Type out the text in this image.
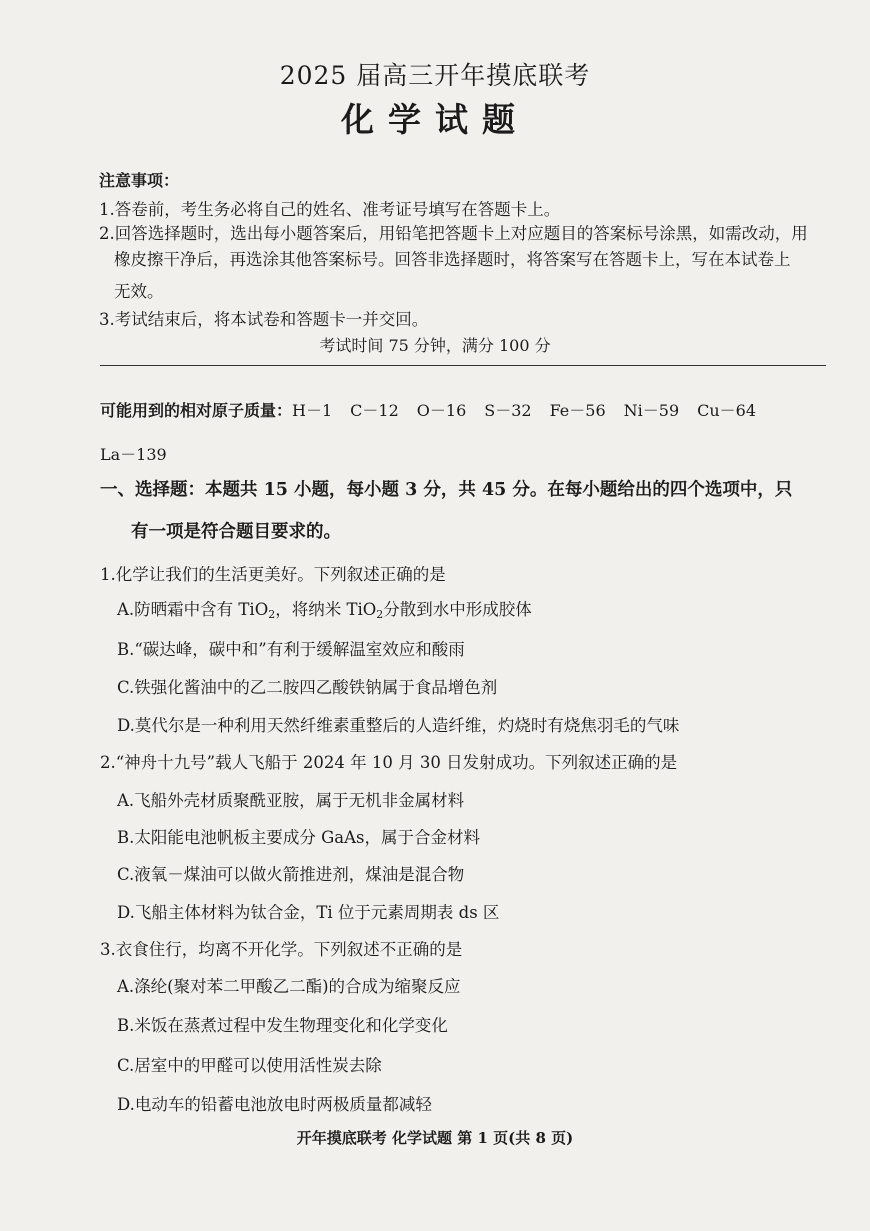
2025 届高三开年摸底联考
化学试题
注意事项：
1.答卷前，考生务必将自己的姓名、准考证号填写在答题卡上。
2.回答选择题时，选出每小题答案后，用铅笔把答题卡上对应题目的答案标号涂黑，如需改动，用
橡皮擦干净后，再选涂其他答案标号。回答非选择题时，将答案写在答题卡上，写在本试卷上
无效。
3.考试结束后，将本试卷和答题卡一并交回。
考试时间 75 分钟，满分 100 分
可能用到的相对原子质量：H－1 C－12 O－16 S－32 Fe－56 Ni－59 Cu－64
La－139
一、选择题：本题共 15 小题，每小题 3 分，共 45 分。在每小题给出的四个选项中，只
有一项是符合题目要求的。
1.化学让我们的生活更美好。下列叙述正确的是
A.防晒霜中含有 TiO$_2$，将纳米 TiO$_2$分散到水中形成胶体
B.“碳达峰，碳中和”有利于缓解温室效应和酸雨
C.铁强化酱油中的乙二胺四乙酸铁钠属于食品增色剂
D.莫代尔是一种利用天然纤维素重整后的人造纤维，灼烧时有烧焦羽毛的气味
2.“神舟十九号”载人飞船于 2024 年 10 月 30 日发射成功。下列叙述正确的是
A.飞船外壳材质聚酰亚胺，属于无机非金属材料
B.太阳能电池帆板主要成分 GaAs，属于合金材料
C.液氧－煤油可以做火箭推进剂，煤油是混合物
D.飞船主体材料为钛合金，Ti 位于元素周期表 ds 区
3.衣食住行，均离不开化学。下列叙述不正确的是
A.涤纶(聚对苯二甲酸乙二酯)的合成为缩聚反应
B.米饭在蒸煮过程中发生物理变化和化学变化
C.居室中的甲醛可以使用活性炭去除
D.电动车的铅蓄电池放电时两极质量都减轻
开年摸底联考 化学试题 第 1 页(共 8 页)
